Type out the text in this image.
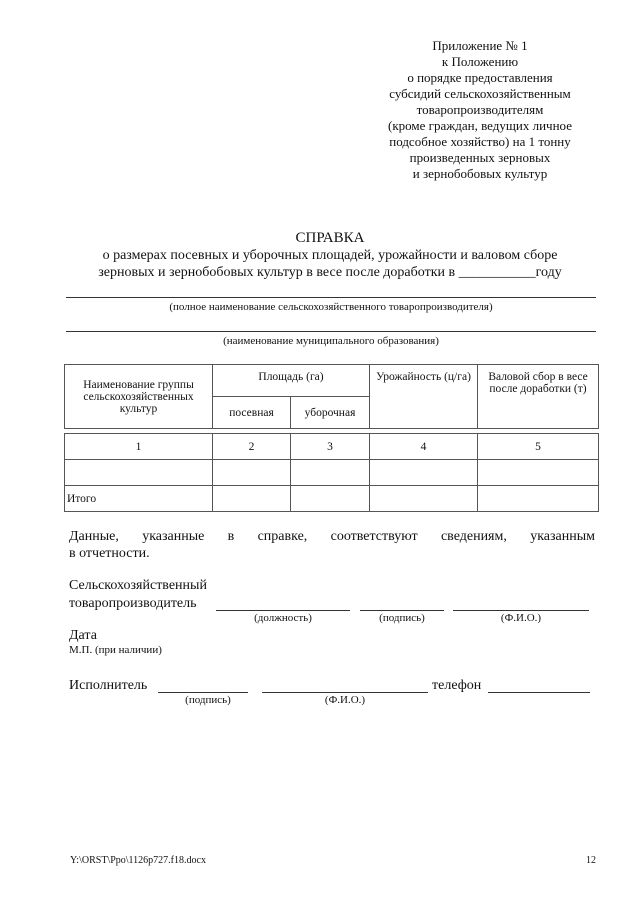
Приложение № 1
к Положению
о порядке предоставления
субсидий сельскохозяйственным
товаропроизводителям
(кроме граждан, ведущих личное
подсобное хозяйство) на 1 тонну
произведенных зерновых
и зернобобовых культур
СПРАВКА
о размерах посевных и уборочных площадей, урожайности и валовом сборе
зерновых и зернобобовых культур в весе после доработки в ___________году
(полное наименование сельскохозяйственного товаропроизводителя)
(наименование муниципального образования)
Наименование группы сельскохозяйственных культур	Площадь (га)		Урожайность (ц/га)	Валовой сбор в весе после доработки (т)
	посевная	уборочная		

1	2	3	4	5

Итого				
Данные, указанные в справке, соответствуют сведениям, указанным
в отчетности.
Сельскохозяйственный
товаропроизводитель
(должность)	(подпись)	(Ф.И.О.)
Дата
М.П. (при наличии)
Исполнитель	телефон
(подпись)	(Ф.И.О.)
Y:\ORST\Ppo\1126p727.f18.docx	12
